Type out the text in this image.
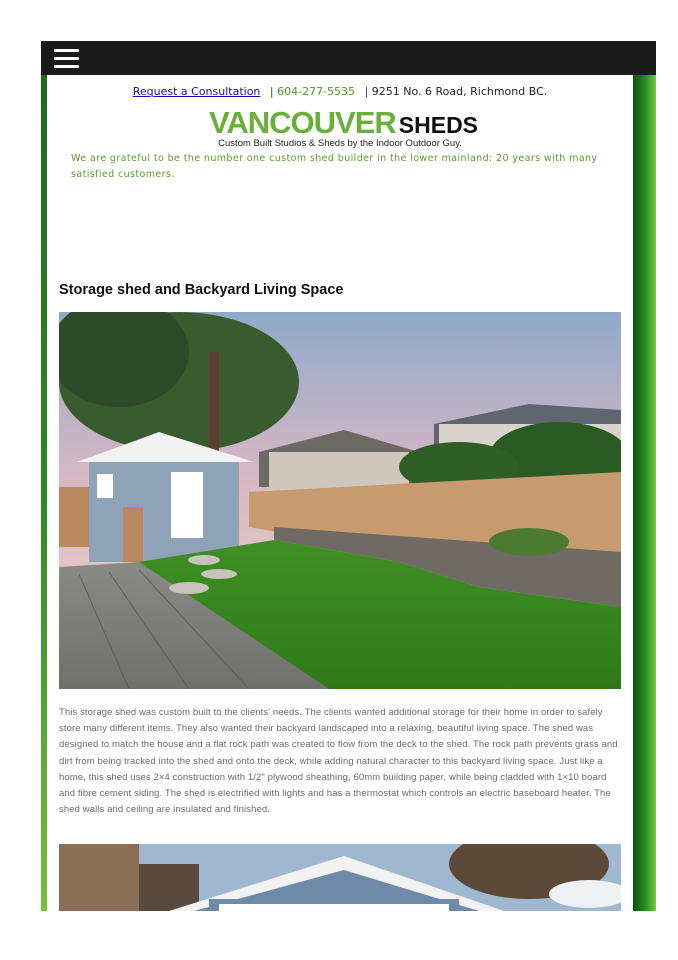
Request a Consultation | 604-277-5535 | 9251 No. 6 Road, Richmond BC.
VANCOUVER SHEDS
Custom Built Studios & Sheds by the Indoor Outdoor Guy.
We are grateful to be the number one custom shed builder in the lower mainland: 20 years with many satisfied customers.
Storage shed and Backyard Living Space
This storage shed was custom built to the clients' needs. The clients wanted additional storage for their home in order to safely store many different items. They also wanted their backyard landscaped into a relaxing, beautiful living space. The shed was designed to match the house and a flat rock path was created to flow from the deck to the shed. The rock path prevents grass and dirt from being tracked into the shed and onto the deck, while adding natural character to this backyard living space. Just like a home, this shed uses 2×4 construction with 1/2" plywood sheathing, 60mm building paper, while being cladded with 1×10 board and fibre cement siding. The shed is electrified with lights and has a thermostat which controls an electric baseboard heater. The shed walls and ceiling are insulated and finished.
